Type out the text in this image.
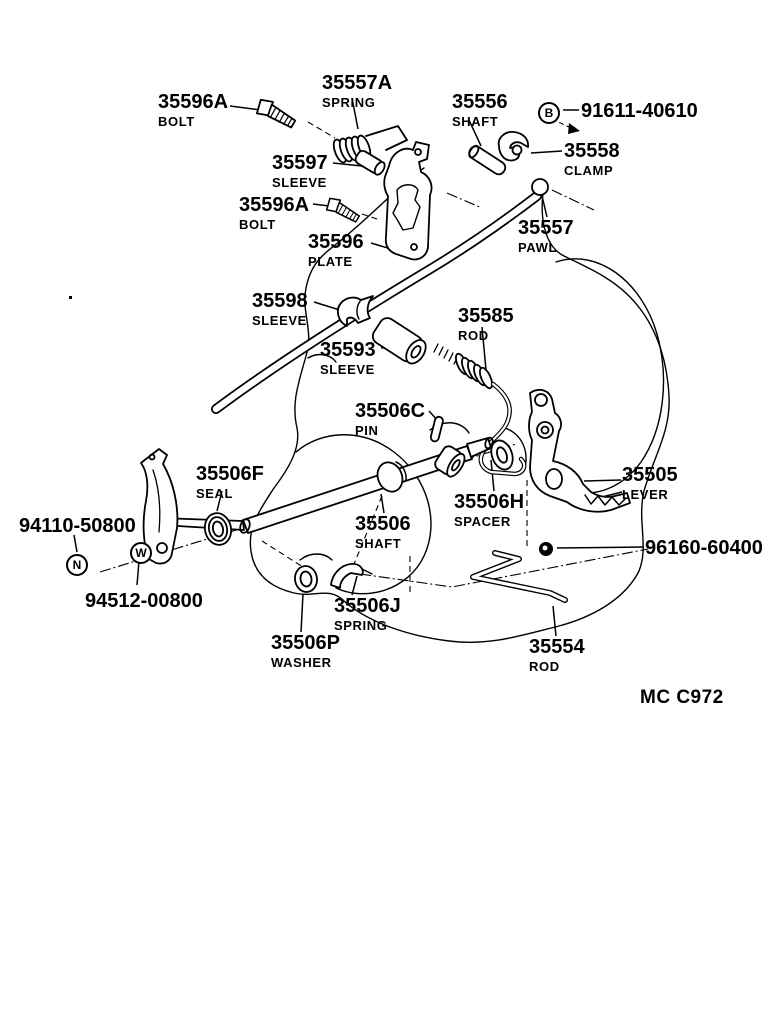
35596A
BOLT
35557A
SPRING
35597
SLEEVE
35556
SHAFT	91611-40610
35558
CLAMP
35596A
BOLT
35596
PLATE
35557
PAWL
35598
SLEEVE
35593
SLEEVE
35585
ROD
35506C
PIN
35506F
SEAL
35505
LEVER
96160-60400
94110-50800
94512-00800
35506
SHAFT
35506H
SPACER
35506J
SPRING
35506P
WASHER
35554
ROD
B
N
W
MC C972
